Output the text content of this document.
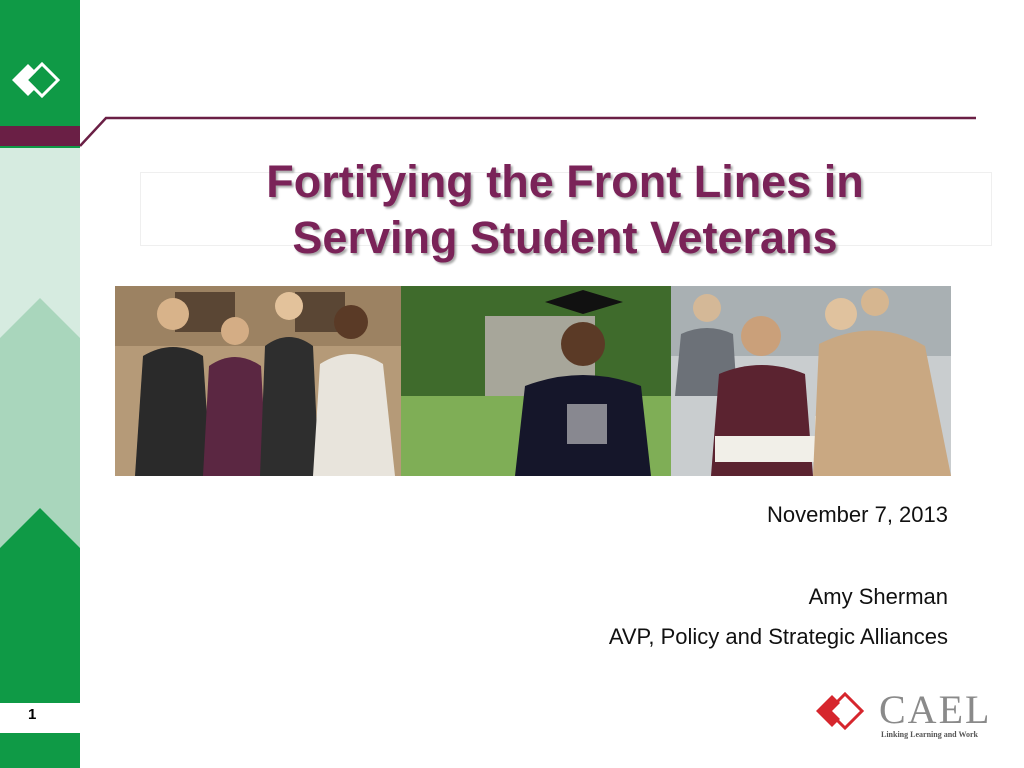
Fortifying the Front Lines in
Serving Student Veterans
November 7, 2013
Amy Sherman
AVP, Policy and Strategic Alliances
1	CAEL
Linking Learning and Work
